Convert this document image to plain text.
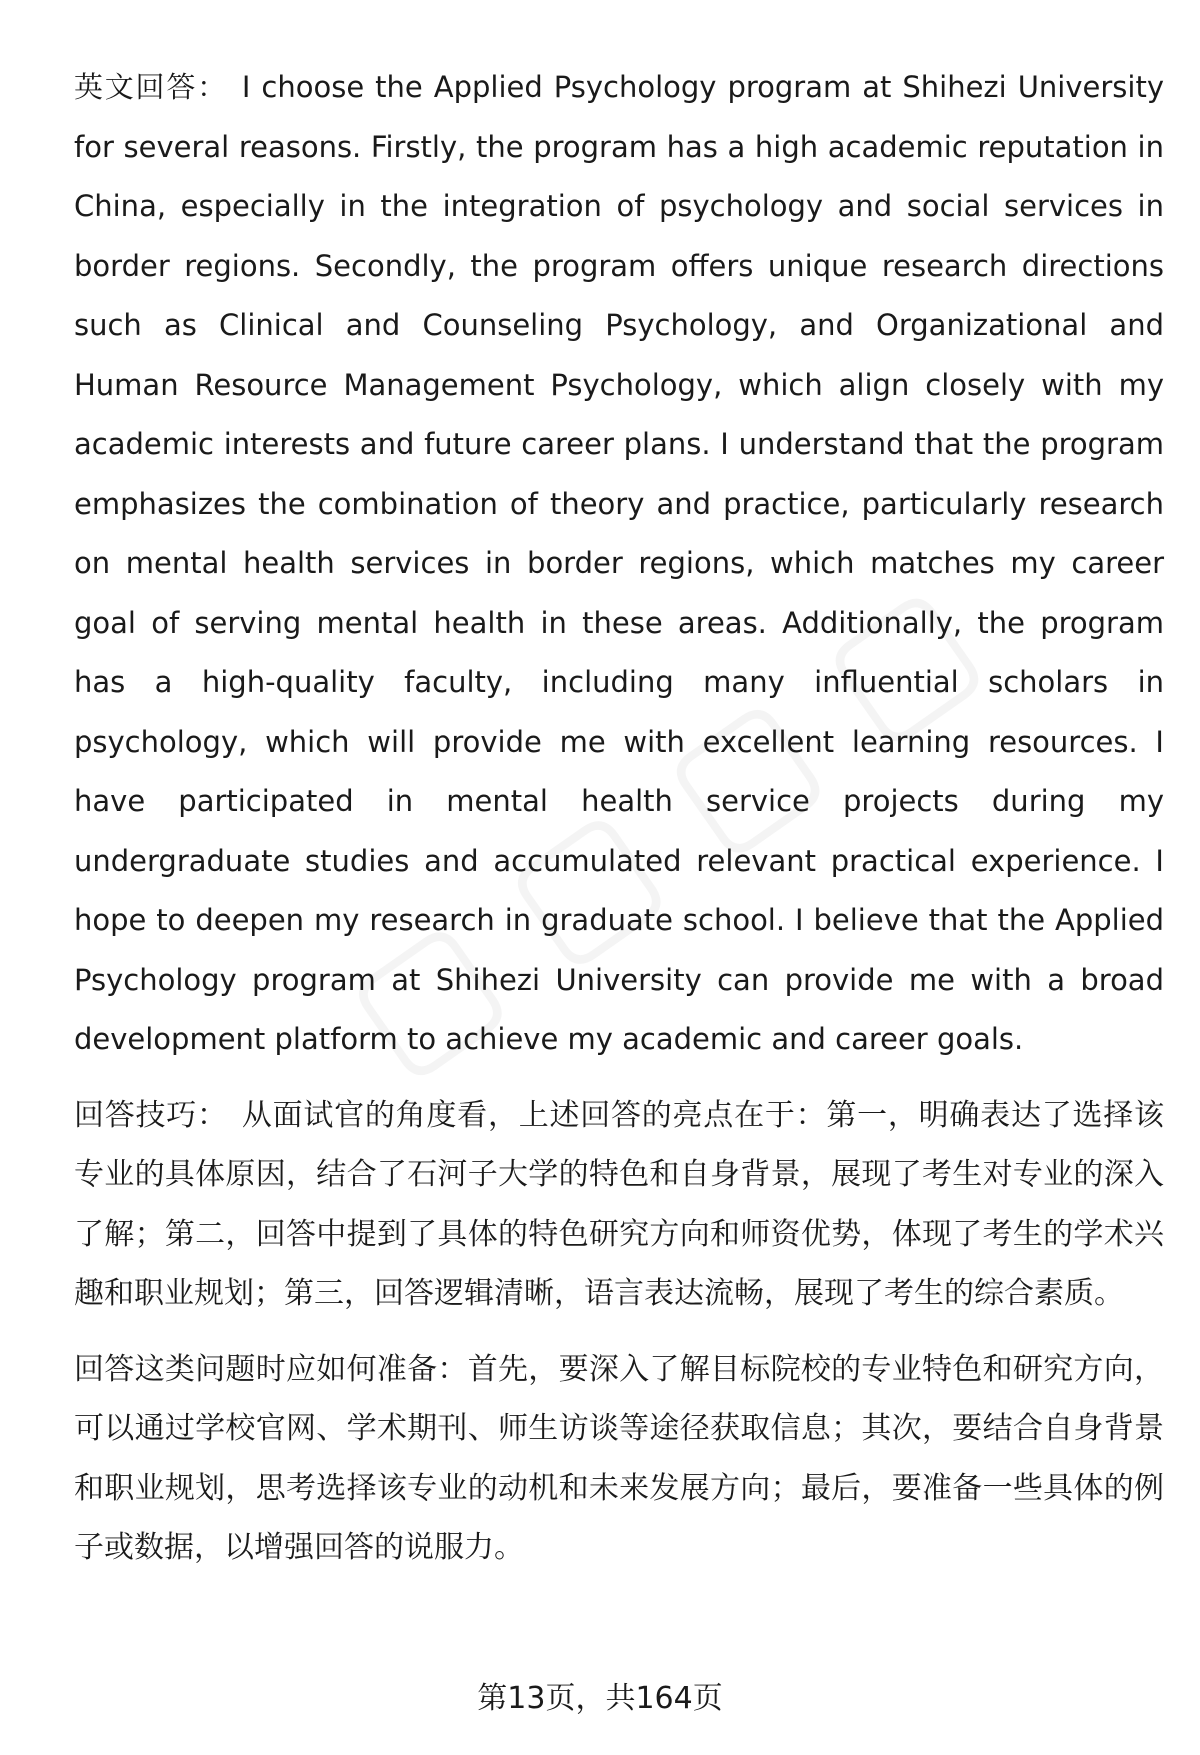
英文回答： I choose the Applied Psychology program at Shihezi University for several reasons. Firstly, the program has a high academic reputation in China, especially in the integration of psychology and social services in border regions. Secondly, the program offers unique research directions such as Clinical and Counseling Psychology, and Organizational and Human Resource Management Psychology, which align closely with my academic interests and future career plans. I understand that the program emphasizes the combination of theory and practice, particularly research on mental health services in border regions, which matches my career goal of serving mental health in these areas. Additionally, the program has a high-quality faculty, including many influential scholars in psychology, which will provide me with excellent learning resources. I have participated in mental health service projects during my undergraduate studies and accumulated relevant practical experience. I hope to deepen my research in graduate school. I believe that the Applied Psychology program at Shihezi University can provide me with a broad development platform to achieve my academic and career goals.

回答技巧： 从面试官的角度看，上述回答的亮点在于：第一，明确表达了选择该专业的具体原因，结合了石河子大学的特色和自身背景，展现了考生对专业的深入了解；第二，回答中提到了具体的特色研究方向和师资优势，体现了考生的学术兴趣和职业规划；第三，回答逻辑清晰，语言表达流畅，展现了考生的综合素质。

回答这类问题时应如何准备：首先，要深入了解目标院校的专业特色和研究方向，可以通过学校官网、学术期刊、师生访谈等途径获取信息；其次，要结合自身背景和职业规划，思考选择该专业的动机和未来发展方向；最后，要准备一些具体的例子或数据，以增强回答的说服力。

第13页，共164页
